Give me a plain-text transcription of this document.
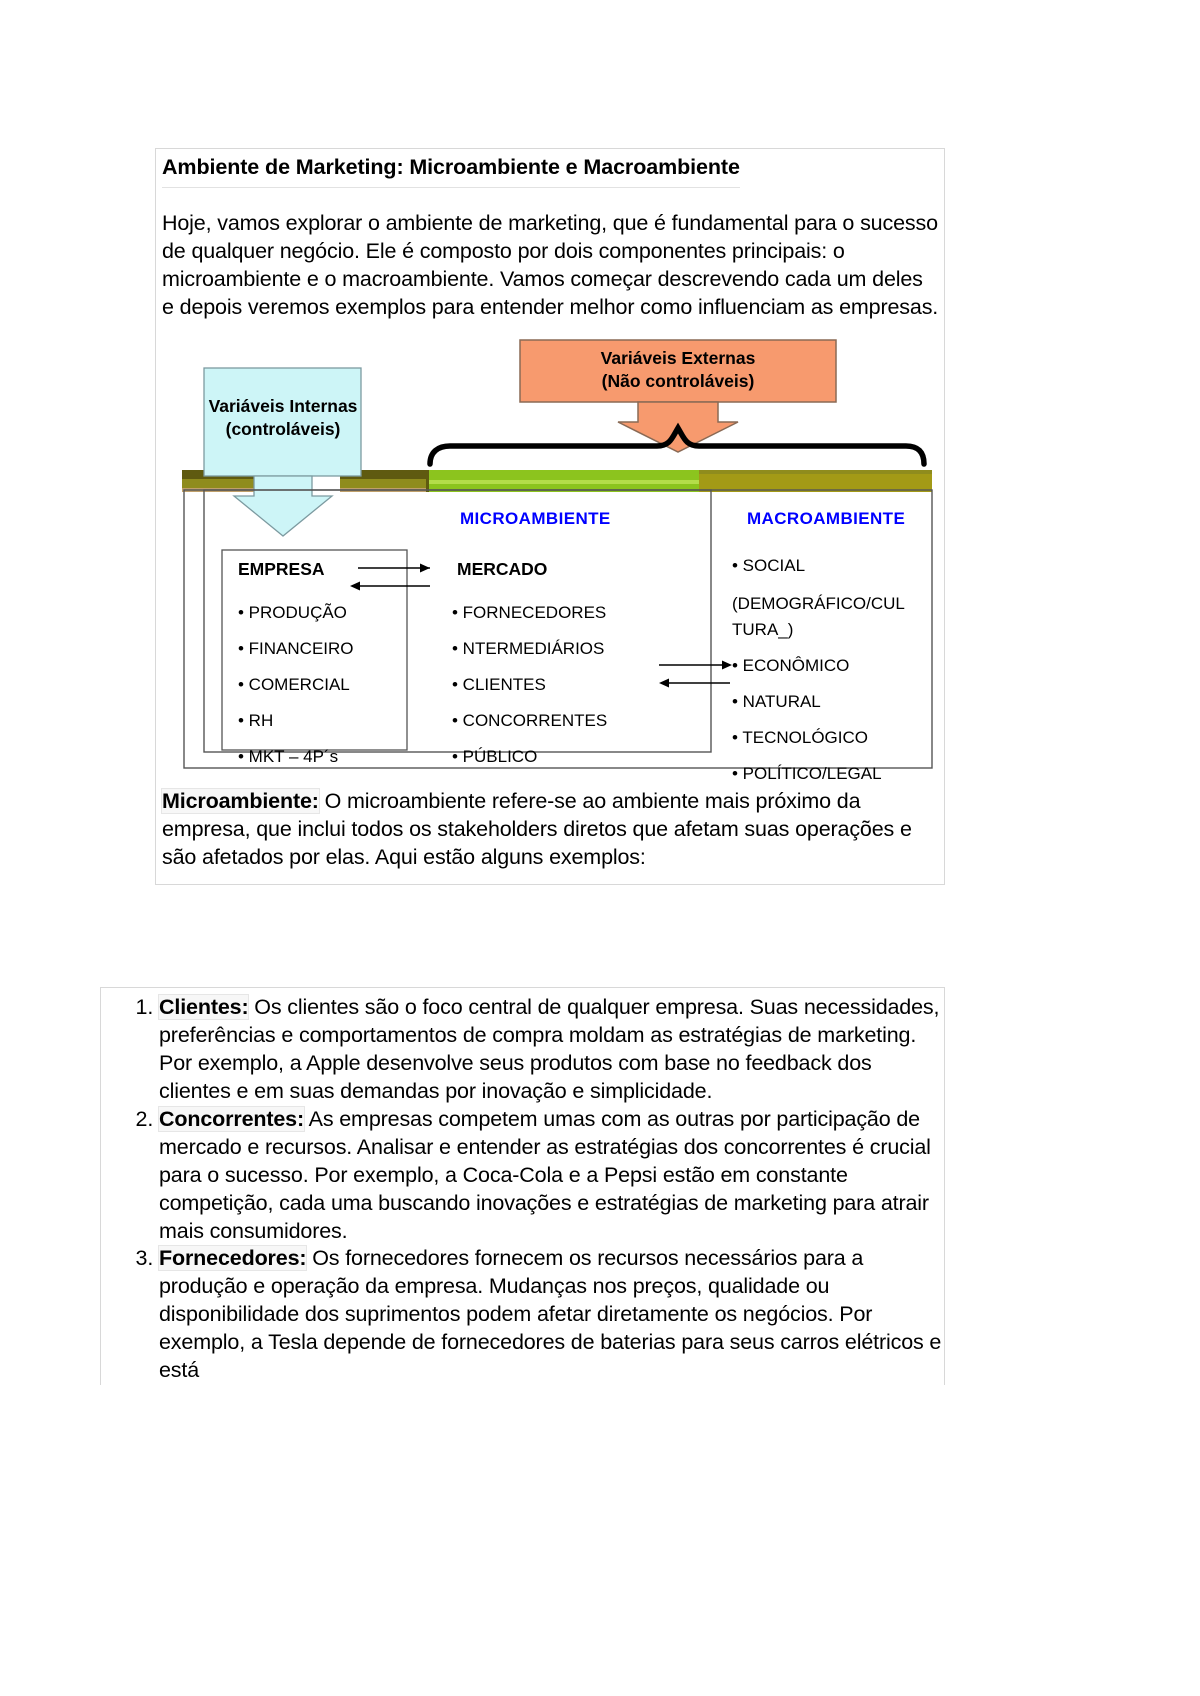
Ambiente de Marketing: Microambiente e Macroambiente

Hoje, vamos explorar o ambiente de marketing, que é fundamental para o sucesso de qualquer negócio. Ele é composto por dois componentes principais: o microambiente e o macroambiente. Vamos começar descrevendo cada um deles e depois veremos exemplos para entender melhor como influenciam as empresas.

Variáveis Externas
(Não controláveis)
Variáveis Internas
(controláveis)
MICROAMBIENTE	MACROAMBIENTE
EMPRESA
• PRODUÇÃO
• FINANCEIRO
• COMERCIAL
• RH
• MKT – 4P´s
MERCADO
• FORNECEDORES
• NTERMEDIÁRIOS
• CLIENTES
• CONCORRENTES
• PÚBLICO
• SOCIAL
(DEMOGRÁFICO/CUL
TURA_)
• ECONÔMICO
• NATURAL
• TECNOLÓGICO
• POLÍTICO/LEGAL

Microambiente: O microambiente refere-se ao ambiente mais próximo da empresa, que inclui todos os stakeholders diretos que afetam suas operações e são afetados por elas. Aqui estão alguns exemplos:

1. Clientes: Os clientes são o foco central de qualquer empresa. Suas necessidades, preferências e comportamentos de compra moldam as estratégias de marketing. Por exemplo, a Apple desenvolve seus produtos com base no feedback dos clientes e em suas demandas por inovação e simplicidade.
2. Concorrentes: As empresas competem umas com as outras por participação de mercado e recursos. Analisar e entender as estratégias dos concorrentes é crucial para o sucesso. Por exemplo, a Coca-Cola e a Pepsi estão em constante competição, cada uma buscando inovações e estratégias de marketing para atrair mais consumidores.
3. Fornecedores: Os fornecedores fornecem os recursos necessários para a produção e operação da empresa. Mudanças nos preços, qualidade ou disponibilidade dos suprimentos podem afetar diretamente os negócios. Por exemplo, a Tesla depende de fornecedores de baterias para seus carros elétricos e está
